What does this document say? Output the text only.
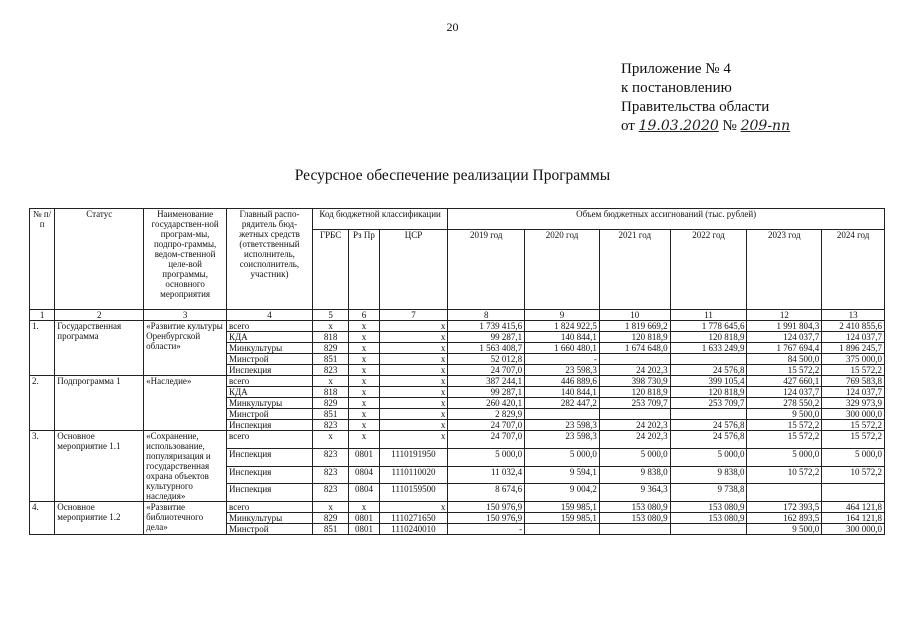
20
Приложение № 4
к постановлению
Правительства области
от 19.03.2020 № 209-пп
Ресурсное обеспечение реализации Программы
№ п/п	Статус	Наименование государствен-ной програм-мы, подпро-граммы, ведом-ственной целе-вой программы, основного мероприятия	Главный распо-рядитель бюд-жетных средств (ответственный исполнитель, соисполнитель, участник)	Код бюджетной классификации			Объем бюджетных ассигнований (тыс. рублей)					
				ГРБС	Рз Пр	ЦСР	2019 год	2020 год	2021 год	2022 год	2023 год	2024 год
1	2	3	4	5	6	7	8	9	10	11	12	13
1.	Государственная программа	«Развитие культуры Оренбургской области»	всего	х	х	х	1 739 415,6	1 824 922,5	1 819 669,2	1 778 645,6	1 991 804,3	2 410 855,6
			КДА	818	х	х	99 287,1	140 844,1	120 818,9	120 818,9	124 037,7	124 037,7
			Минкультуры	829	х	х	1 563 408,7	1 660 480,1	1 674 648,0	1 633 249,9	1 767 694,4	1 896 245,7
			Минстрой	851	х	х	52 012,8	-			84 500,0	375 000,0
			Инспекция	823	х	х	24 707,0	23 598,3	24 202,3	24 576,8	15 572,2	15 572,2
2.	Подпрограмма 1	«Наследие»	всего	х	х	х	387 244,1	446 889,6	398 730,9	399 105,4	427 660,1	769 583,8
			КДА	818	х	х	99 287,1	140 844,1	120 818,9	120 818,9	124 037,7	124 037,7
			Минкультуры	829	х	х	260 420,1	282 447,2	253 709,7	253 709,7	278 550,2	329 973,9
			Минстрой	851	х	х	2 829,9				9 500,0	300 000,0
			Инспекция	823	х	х	24 707,0	23 598,3	24 202,3	24 576,8	15 572,2	15 572,2
3.	Основное мероприятие 1.1	«Сохранение, использование, популяризация и государственная охрана объектов культурного наследия»	всего	х	х	х	24 707,0	23 598,3	24 202,3	24 576,8	15 572,2	15 572,2
			Инспекция	823	0801	1110191950	5 000,0	5 000,0	5 000,0	5 000,0	5 000,0	5 000,0
			Инспекция	823	0804	1110110020	11 032,4	9 594,1	9 838,0	9 838,0	10 572,2	10 572,2
			Инспекция	823	0804	1110159500	8 674,6	9 004,2	9 364,3	9 738,8		
4.	Основное мероприятие 1.2	«Развитие библиотечного дела»	всего	х	х	х	150 976,9	159 985,1	153 080,9	153 080,9	172 393,5	464 121,8
			Минкультуры	829	0801	1110271650	150 976,9	159 985,1	153 080,9	153 080,9	162 893,5	164 121,8
			Минстрой	851	0801	1110240010	-				9 500,0	300 000,0
